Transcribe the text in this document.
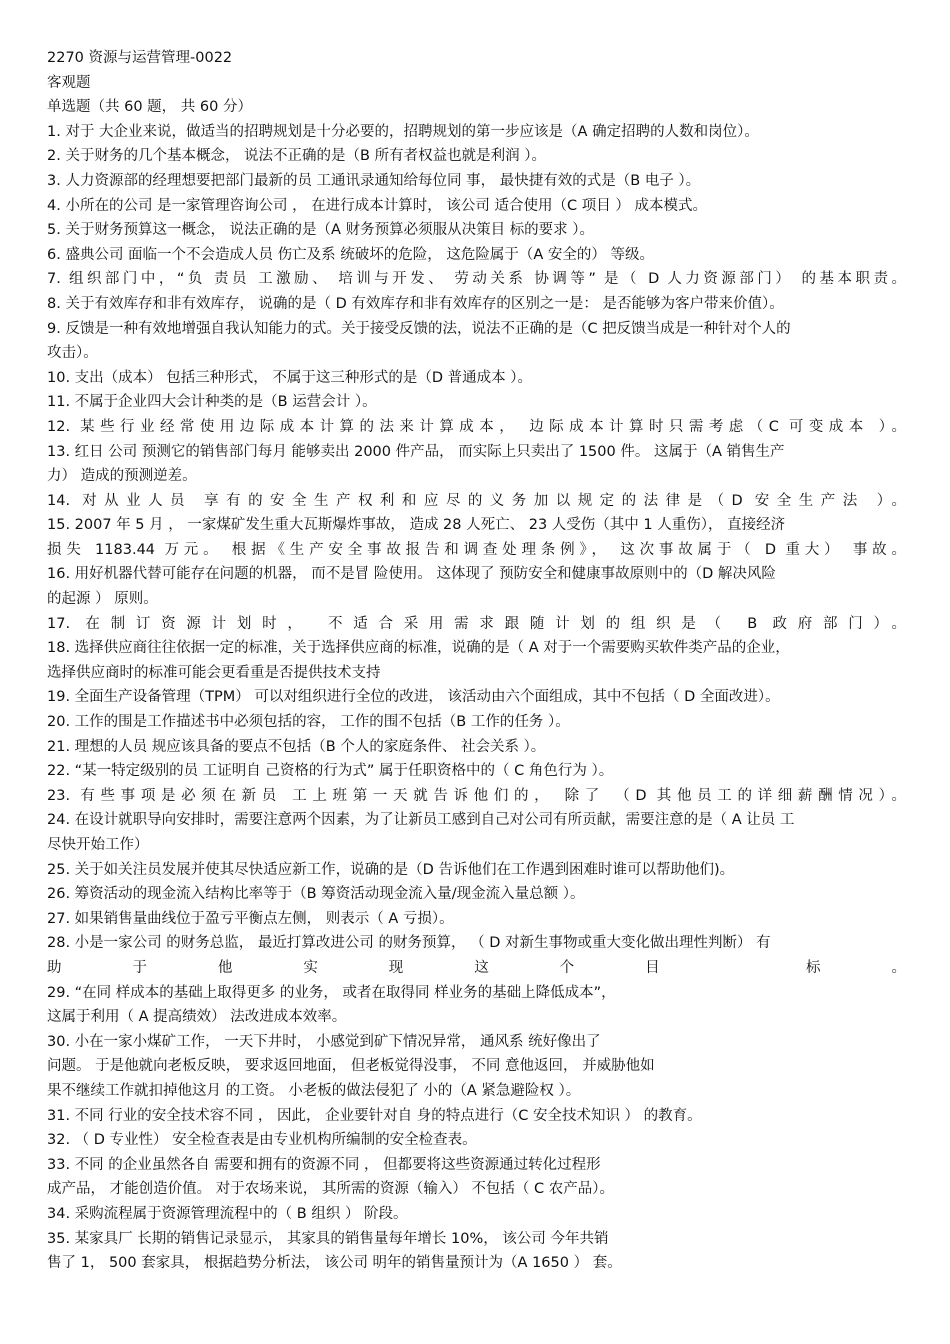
2270 资源与运营管理-0022
客观题
单选题（共 60 题， 共 60 分）
1. 对于 大企业来说，做适当的招聘规划是十分必要的，招聘规划的第一步应该是（A 确定招聘的人数和岗位）。
2. 关于财务的几个基本概念， 说法不正确的是（B 所有者权益也就是利润 ）。
3. 人力资源部的经理想要把部门最新的员 工通讯录通知给每位同 事， 最快捷有效的式是（B 电子 ）。
4. 小所在的公司 是一家管理咨询公司 ， 在进行成本计算时， 该公司 适合使用（C 项目 ） 成本模式。
5. 关于财务预算这一概念， 说法正确的是（A 财务预算必须服从决策目 标的要求 ）。
6. 盛典公司 面临一个不会造成人员 伤亡及系 统破坏的危险， 这危险属于（A 安全的） 等级。
7. 组织部门中，“负 责员 工激励、 培训与开发、 劳动关系 协调等” 是（ D 人力资源部门） 的基本职责。
8. 关于有效库存和非有效库存， 说确的是（ D 有效库存和非有效库存的区别之一是： 是否能够为客户带来价值）。
9. 反馈是一种有效地增强自我认知能力的式。关于接受反馈的法，说法不正确的是（C 把反馈当成是一种针对个人的
攻击）。
10. 支出（成本） 包括三种形式， 不属于这三种形式的是（D 普通成本 ）。
11. 不属于企业四大会计种类的是（B 运营会计 ）。
12. 某些行业经常使用边际成本计算的法来计算成本， 边际成本计算时只需考虑（C 可变成本 ）。
13. 红日 公司 预测它的销售部门每月 能够卖出 2000 件产品， 而实际上只卖出了 1500 件。 这属于（A 销售生产
力） 造成的预测逆差。
14. 对从业人员 享有的安全生产权利和应尽的义务加以规定的法律是（D 安全生产法 ）。
15. 2007 年 5 月 ， 一家煤矿发生重大瓦斯爆炸事故， 造成 28 人死亡、 23 人受伤（其中 1 人重伤）， 直接经济
损失 1183.44 万元。 根据《生产安全事故报告和调查处理条例》， 这次事故属于（ D 重大） 事故。
16. 用好机器代替可能存在问题的机器， 而不是冒 险使用。 这体现了 预防安全和健康事故原则中的（D 解决风险
的起源 ） 原则。
17. 在制订资源计划时， 不适合采用需求跟随计划的组织是（ B 政府部门）。
18. 选择供应商往往依据一定的标准，关于选择供应商的标准，说确的是（ A 对于一个需要购买软件类产品的企业，
选择供应商时的标准可能会更看重是否提供技术支持
19. 全面生产设备管理（TPM） 可以对组织进行全位的改进， 该活动由六个面组成，其中不包括（ D 全面改进）。
20. 工作的围是工作描述书中必须包括的容， 工作的围不包括（B 工作的任务 ）。
21. 理想的人员 规应该具备的要点不包括（B 个人的家庭条件、 社会关系 ）。
22. “某一特定级别的员 工证明自 己资格的行为式” 属于任职资格中的（ C 角色行为 ）。
23. 有些事项是必须在新员 工上班第一天就告诉他们的， 除了 （D 其他员工的详细薪酬情况）。
24. 在设计就职导向安排时，需要注意两个因素，为了让新员工感到自己对公司有所贡献，需要注意的是（ A 让员 工
尽快开始工作）
25. 关于如关注员发展并使其尽快适应新工作，说确的是（D 告诉他们在工作遇到困难时谁可以帮助他们)。
26. 筹资活动的现金流入结构比率等于（B 筹资活动现金流入量/现金流入量总额 ）。
27. 如果销售量曲线位于盈亏平衡点左侧， 则表示（ A 亏损）。
28. 小是一家公司 的财务总监， 最近打算改进公司 的财务预算， （ D 对新生事物或重大变化做出理性判断） 有
助于他实现这个目 标。
29. “在同 样成本的基础上取得更多 的业务， 或者在取得同 样业务的基础上降低成本”，
这属于利用（ A 提高绩效） 法改进成本效率。
30. 小在一家小煤矿工作， 一天下井时， 小感觉到矿下情况异常， 通风系 统好像出了
问题。 于是他就向老板反映， 要求返回地面， 但老板觉得没事， 不同 意他返回， 并威胁他如
果不继续工作就扣掉他这月 的工资。 小老板的做法侵犯了 小的（A 紧急避险权 ）。
31. 不同 行业的安全技术容不同 ， 因此， 企业要针对自 身的特点进行（C 安全技术知识 ） 的教育。
32. （ D 专业性） 安全检查表是由专业机构所编制的安全检查表。
33. 不同 的企业虽然各自 需要和拥有的资源不同 ， 但都要将这些资源通过转化过程形
成产品， 才能创造价值。 对于农场来说， 其所需的资源（输入） 不包括（ C 农产品）。
34. 采购流程属于资源管理流程中的（ B 组织 ） 阶段。
35. 某家具厂 长期的销售记录显示， 其家具的销售量每年增长 10%， 该公司 今年共销
售了 1， 500 套家具， 根据趋势分析法， 该公司 明年的销售量预计为（A 1650 ） 套。
